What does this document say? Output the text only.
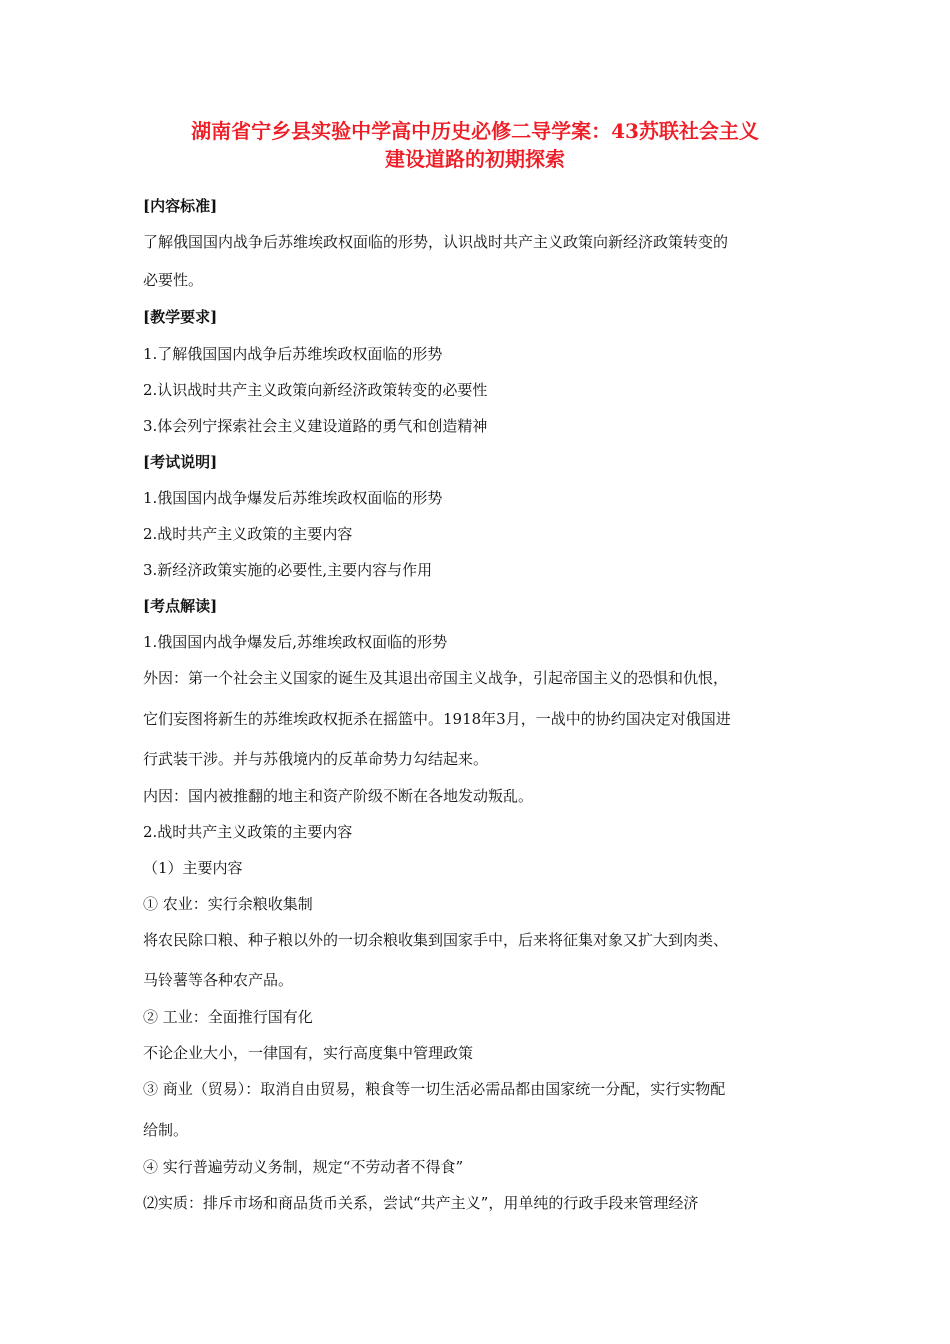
湖南省宁乡县实验中学高中历史必修二导学案：43苏联社会主义
建设道路的初期探索
[内容标准]
了解俄国国内战争后苏维埃政权面临的形势，认识战时共产主义政策向新经济政策转变的
必要性。
[教学要求]
1.了解俄国国内战争后苏维埃政权面临的形势
2.认识战时共产主义政策向新经济政策转变的必要性
3.体会列宁探索社会主义建设道路的勇气和创造精神
[考试说明]
1.俄国国内战争爆发后苏维埃政权面临的形势
2.战时共产主义政策的主要内容
3.新经济政策实施的必要性,主要内容与作用
[考点解读]
1.俄国国内战争爆发后,苏维埃政权面临的形势
外因：第一个社会主义国家的诞生及其退出帝国主义战争，引起帝国主义的恐惧和仇恨，
它们妄图将新生的苏维埃政权扼杀在摇篮中。1918年3月，一战中的协约国决定对俄国进
行武装干涉。并与苏俄境内的反革命势力勾结起来。
内因：国内被推翻的地主和资产阶级不断在各地发动叛乱。
2.战时共产主义政策的主要内容
（1）主要内容
① 农业：实行余粮收集制
将农民除口粮、种子粮以外的一切余粮收集到国家手中，后来将征集对象又扩大到肉类、
马铃薯等各种农产品。
② 工业：全面推行国有化
不论企业大小，一律国有，实行高度集中管理政策
③ 商业（贸易）：取消自由贸易，粮食等一切生活必需品都由国家统一分配，实行实物配
给制。
④ 实行普遍劳动义务制，规定“不劳动者不得食”
⑵实质：排斥市场和商品货币关系，尝试“共产主义”，用单纯的行政手段来管理经济
